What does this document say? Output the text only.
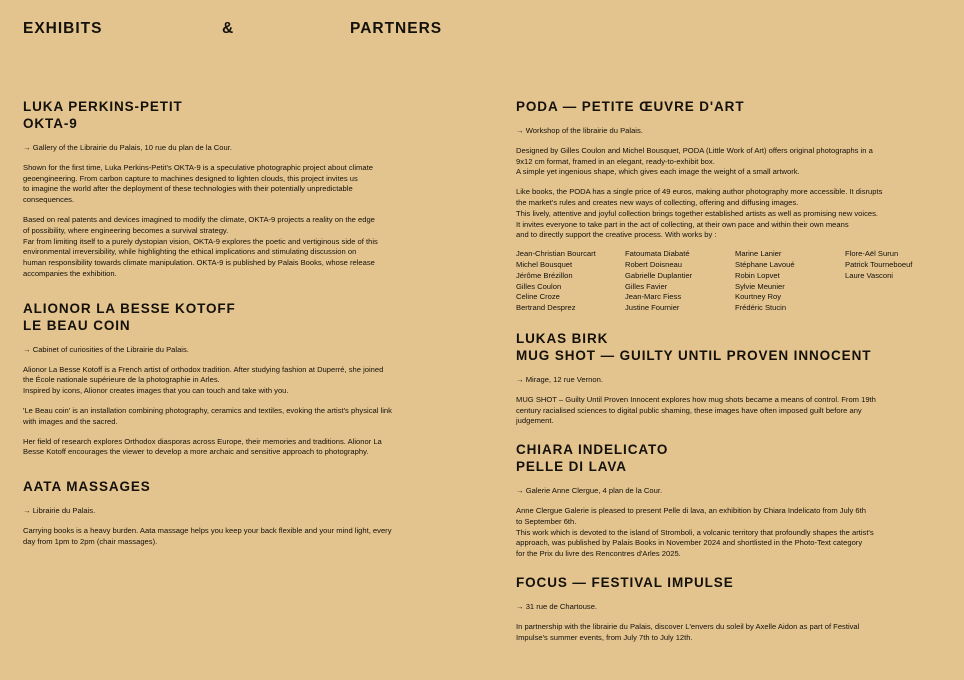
EXHIBITS	&	PARTNERS
LUKA PERKINS-PETIT
OKTA-9

→ Gallery of the Librairie du Palais, 10 rue du plan de la Cour.

Shown for the first time, Luka Perkins-Petit's OKTA-9 is a speculative photographic project about climate
geoengineering. From carbon capture to machines designed to lighten clouds, this project invites us
to imagine the world after the deployment of these technologies with their potentially unpredictable
consequences.

Based on real patents and devices imagined to modify the climate, OKTA-9 projects a reality on the edge
of possibility, where engineering becomes a survival strategy.
Far from limiting itself to a purely dystopian vision, OKTA-9 explores the poetic and vertiginous side of this
environmental irreversibility, while highlighting the ethical implications and stimulating discussion on
human responsibility towards climate manipulation. OKTA-9 is published by Palais Books, whose release
accompanies the exhibition.

ALIONOR LA BESSE KOTOFF
LE BEAU COIN

→ Cabinet of curiosities of the Librairie du Palais.

Alionor La Besse Kotoff is a French artist of orthodox tradition. After studying fashion at Duperré, she joined
the École nationale supérieure de la photographie in Arles.
Inspired by icons, Alionor creates images that you can touch and take with you.

'Le Beau coin' is an installation combining photography, ceramics and textiles, evoking the artist's physical link
with images and the sacred.

Her field of research explores Orthodox diasporas across Europe, their memories and traditions. Alionor La
Besse Kotoff encourages the viewer to develop a more archaic and sensitive approach to photography.

AATA MASSAGES

→ Librairie du Palais.

Carrying books is a heavy burden. Aata massage helps you keep your back flexible and your mind light, every
day from 1pm to 2pm (chair massages).

PODA — PETITE ŒUVRE D'ART

→ Workshop of the librairie du Palais.

Designed by Gilles Coulon and Michel Bousquet, PODA (Little Work of Art) offers original photographs in a
9x12 cm format, framed in an elegant, ready-to-exhibit box.
A simple yet ingenious shape, which gives each image the weight of a small artwork.

Like books, the PODA has a single price of 49 euros, making author photography more accessible. It disrupts
the market's rules and creates new ways of collecting, offering and diffusing images.
This lively, attentive and joyful collection brings together established artists as well as promising new voices.
It invites everyone to take part in the act of collecting, at their own pace and within their own means
and to directly support the creative process. With works by :

Jean-Christian Bourcart
Michel Bousquet
Jérôme Brézillon
Gilles Coulon
Celine Croze
Bertrand Desprez
Fatoumata Diabaté
Robert Doisneau
Gabrielle Duplantier
Gilles Favier
Jean-Marc Fiess
Justine Fournier
Marine Lanier
Stéphane Lavoué
Robin Lopvet
Sylvie Meunier
Kourtney Roy
Frédéric Stucin
Flore-Aël Surun
Patrick Tourneboeuf
Laure Vasconi
LUKAS BIRK
MUG SHOT — GUILTY UNTIL PROVEN INNOCENT

→ Mirage, 12 rue Vernon.

MUG SHOT – Guilty Until Proven Innocent explores how mug shots became a means of control. From 19th
century racialised sciences to digital public shaming, these images have often imposed guilt before any
judgement.

CHIARA INDELICATO
PELLE DI LAVA

→ Galerie Anne Clergue, 4 plan de la Cour.

Anne Clergue Galerie is pleased to present Pelle di lava, an exhibition by Chiara Indelicato from July 6th
to September 6th.
This work which is devoted to the island of Stromboli, a volcanic territory that profoundly shapes the artist's
approach, was published by Palais Books in November 2024 and shortlisted in the Photo-Text category
for the Prix du livre des Rencontres d'Arles 2025.

FOCUS — FESTIVAL IMPULSE

→ 31 rue de Chartouse.

In partnership with the librairie du Palais, discover L'envers du soleil by Axelle Aidon as part of Festival
Impulse's summer events, from July 7th to July 12th.
